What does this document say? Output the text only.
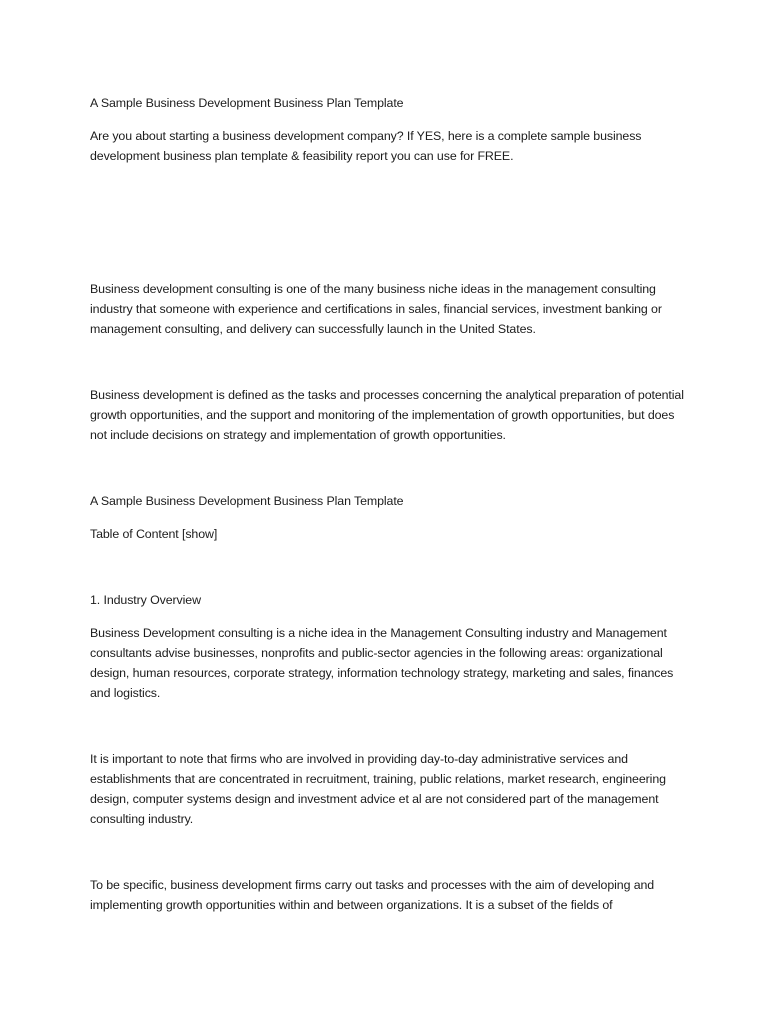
A Sample Business Development Business Plan Template

Are you about starting a business development company? If YES, here is a complete sample business development business plan template & feasibility report you can use for FREE.

Business development consulting is one of the many business niche ideas in the management consulting industry that someone with experience and certifications in sales, financial services, investment banking or management consulting, and delivery can successfully launch in the United States.

Business development is defined as the tasks and processes concerning the analytical preparation of potential growth opportunities, and the support and monitoring of the implementation of growth opportunities, but does not include decisions on strategy and implementation of growth opportunities.

A Sample Business Development Business Plan Template

Table of Content [show]

1. Industry Overview

Business Development consulting is a niche idea in the Management Consulting industry and Management consultants advise businesses, nonprofits and public-sector agencies in the following areas: organizational design, human resources, corporate strategy, information technology strategy, marketing and sales, finances and logistics.

It is important to note that firms who are involved in providing day-to-day administrative services and establishments that are concentrated in recruitment, training, public relations, market research, engineering design, computer systems design and investment advice et al are not considered part of the management consulting industry.

To be specific, business development firms carry out tasks and processes with the aim of developing and implementing growth opportunities within and between organizations. It is a subset of the fields of
